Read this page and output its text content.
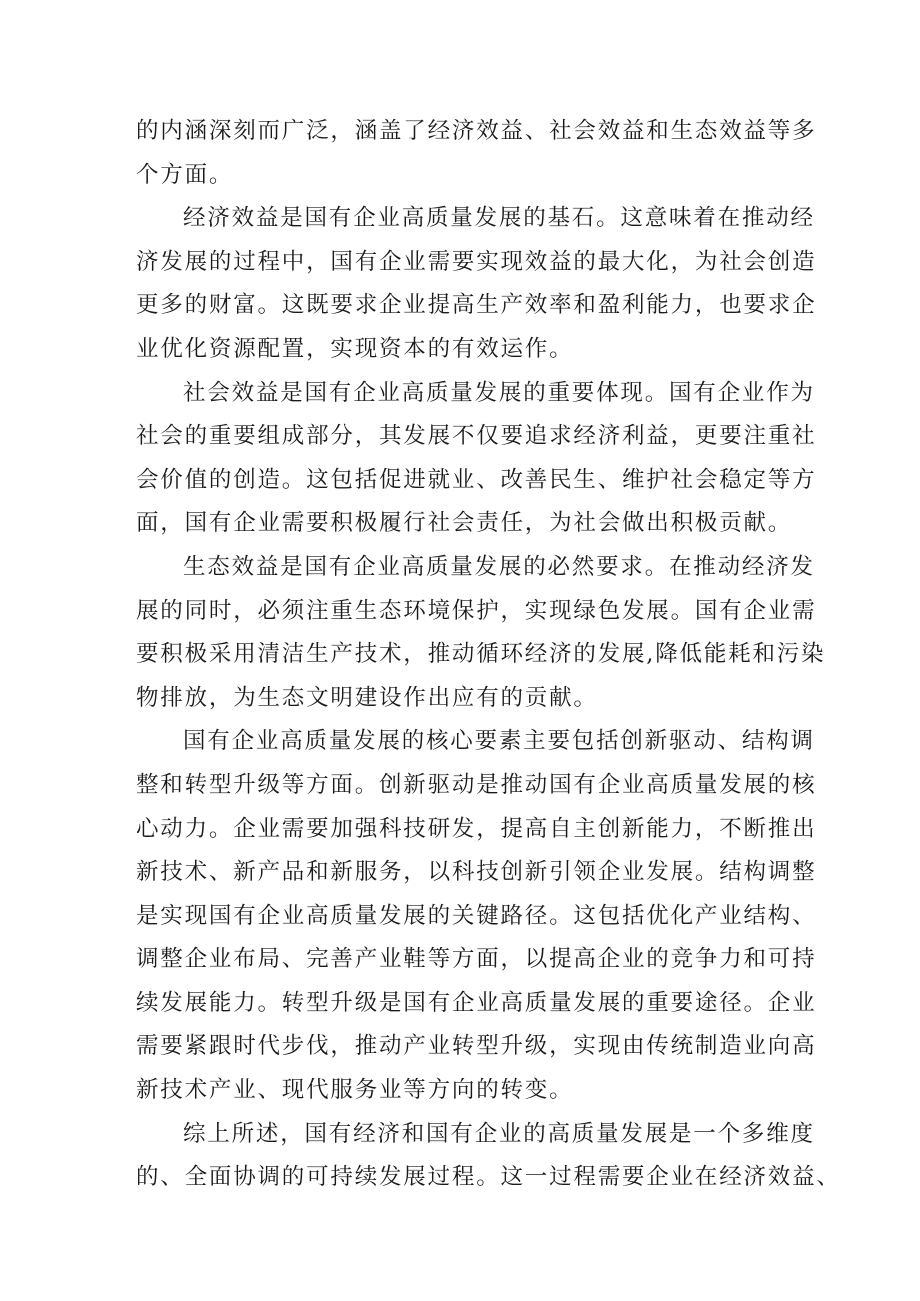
的内涵深刻而广泛，涵盖了经济效益、社会效益和生态效益等多
个方面。
经济效益是国有企业高质量发展的基石。这意味着在推动经
济发展的过程中，国有企业需要实现效益的最大化，为社会创造
更多的财富。这既要求企业提高生产效率和盈利能力，也要求企
业优化资源配置，实现资本的有效运作。
社会效益是国有企业高质量发展的重要体现。国有企业作为
社会的重要组成部分，其发展不仅要追求经济利益，更要注重社
会价值的创造。这包括促进就业、改善民生、维护社会稳定等方
面，国有企业需要积极履行社会责任，为社会做出积极贡献。
生态效益是国有企业高质量发展的必然要求。在推动经济发
展的同时，必须注重生态环境保护，实现绿色发展。国有企业需
要积极采用清洁生产技术，推动循环经济的发展,降低能耗和污染
物排放，为生态文明建设作出应有的贡献。
国有企业高质量发展的核心要素主要包括创新驱动、结构调
整和转型升级等方面。创新驱动是推动国有企业高质量发展的核
心动力。企业需要加强科技研发，提高自主创新能力，不断推出
新技术、新产品和新服务，以科技创新引领企业发展。结构调整
是实现国有企业高质量发展的关键路径。这包括优化产业结构、
调整企业布局、完善产业鞋等方面，以提高企业的竞争力和可持
续发展能力。转型升级是国有企业高质量发展的重要途径。企业
需要紧跟时代步伐，推动产业转型升级，实现由传统制造业向高
新技术产业、现代服务业等方向的转变。
综上所述，国有经济和国有企业的高质量发展是一个多维度
的、全面协调的可持续发展过程。这一过程需要企业在经济效益、
